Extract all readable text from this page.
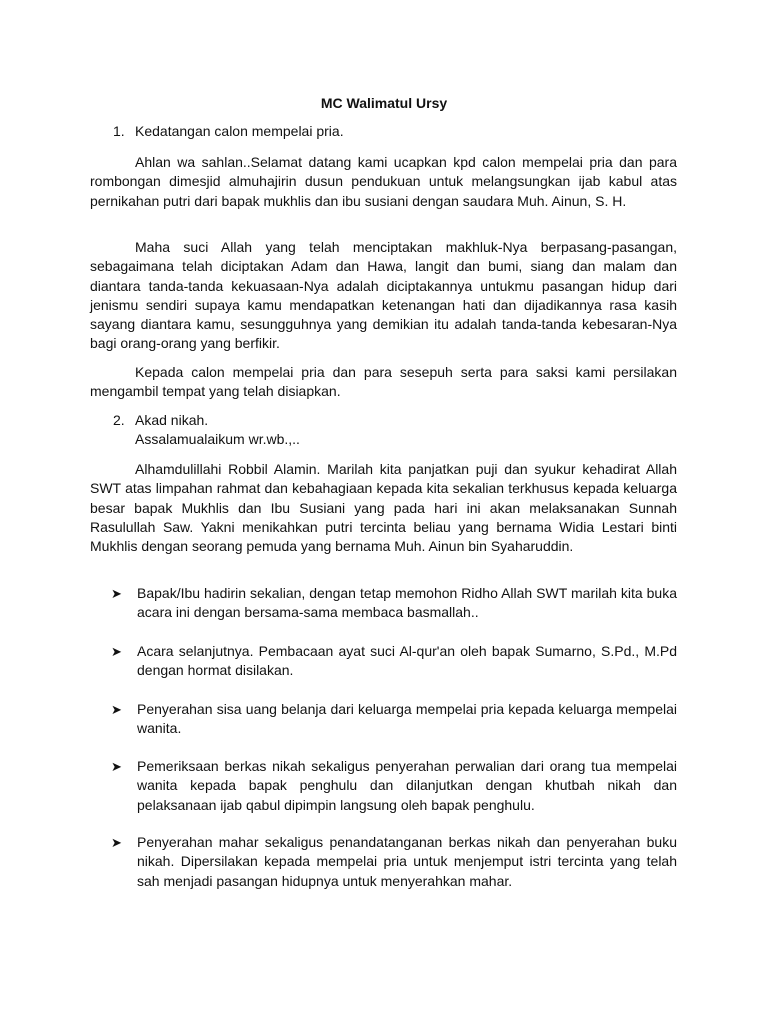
MC Walimatul Ursy
1. Kedatangan calon mempelai pria.
Ahlan wa sahlan..Selamat datang kami ucapkan kpd calon mempelai pria dan para rombongan dimesjid almuhajirin dusun pendukuan untuk melangsungkan ijab kabul atas pernikahan putri dari bapak mukhlis dan ibu susiani dengan saudara Muh. Ainun, S. H.
Maha suci Allah yang telah menciptakan makhluk-Nya berpasang-pasangan, sebagaimana telah diciptakan Adam dan Hawa, langit dan bumi, siang dan malam dan diantara tanda-tanda kekuasaan-Nya adalah diciptakannya untukmu pasangan hidup dari jenismu sendiri supaya kamu mendapatkan ketenangan hati dan dijadikannya rasa kasih sayang diantara kamu, sesungguhnya yang demikian itu adalah tanda-tanda kebesaran-Nya bagi orang-orang yang berfikir.
Kepada calon mempelai pria dan para sesepuh serta para saksi kami persilakan mengambil tempat yang telah disiapkan.
2. Akad nikah.
Assalamualaikum wr.wb.,..
Alhamdulillahi Robbil Alamin. Marilah kita panjatkan puji dan syukur kehadirat Allah SWT atas limpahan rahmat dan kebahagiaan kepada kita sekalian terkhusus kepada keluarga besar bapak Mukhlis dan Ibu Susiani yang pada hari ini akan melaksanakan Sunnah Rasulullah Saw. Yakni menikahkan putri tercinta beliau yang bernama Widia Lestari binti Mukhlis dengan seorang pemuda yang bernama Muh. Ainun bin Syaharuddin.
➤ Bapak/Ibu hadirin sekalian, dengan tetap memohon Ridho Allah SWT marilah kita buka acara ini dengan bersama-sama membaca basmallah..
➤ Acara selanjutnya. Pembacaan ayat suci Al-qur'an oleh bapak Sumarno, S.Pd., M.Pd dengan hormat disilakan.
➤ Penyerahan sisa uang belanja dari keluarga mempelai pria kepada keluarga mempelai wanita.
➤ Pemeriksaan berkas nikah sekaligus penyerahan perwalian dari orang tua mempelai wanita kepada bapak penghulu dan dilanjutkan dengan khutbah nikah dan pelaksanaan ijab qabul dipimpin langsung oleh bapak penghulu.
➤ Penyerahan mahar sekaligus penandatanganan berkas nikah dan penyerahan buku nikah. Dipersilakan kepada mempelai pria untuk menjemput istri tercinta yang telah sah menjadi pasangan hidupnya untuk menyerahkan mahar.
